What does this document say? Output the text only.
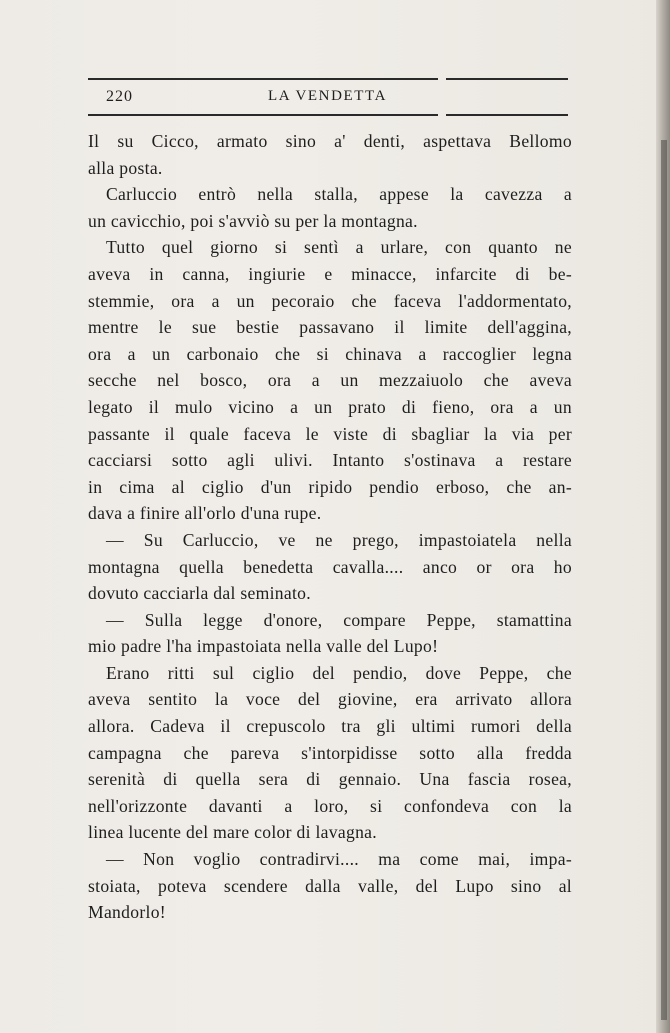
220	LA VENDETTA
Il su Cicco, armato sino a' denti, aspettava Bellomo
alla posta.
Carluccio entrò nella stalla, appese la cavezza a
un cavicchio, poi s'avviò su per la montagna.
Tutto quel giorno si sentì a urlare, con quanto ne
aveva in canna, ingiurie e minacce, infarcite di be-
stemmie, ora a un pecoraio che faceva l'addormentato,
mentre le sue bestie passavano il limite dell'aggina,
ora a un carbonaio che si chinava a raccoglier legna
secche nel bosco, ora a un mezzaiuolo che aveva
legato il mulo vicino a un prato di fieno, ora a un
passante il quale faceva le viste di sbagliar la via per
cacciarsi sotto agli ulivi. Intanto s'ostinava a restare
in cima al ciglio d'un ripido pendio erboso, che an-
dava a finire all'orlo d'una rupe.
— Su Carluccio, ve ne prego, impastoiatela nella
montagna quella benedetta cavalla.... anco or ora ho
dovuto cacciarla dal seminato.
— Sulla legge d'onore, compare Peppe, stamattina
mio padre l'ha impastoiata nella valle del Lupo!
Erano ritti sul ciglio del pendio, dove Peppe, che
aveva sentito la voce del giovine, era arrivato allora
allora. Cadeva il crepuscolo tra gli ultimi rumori della
campagna che pareva s'intorpidisse sotto alla fredda
serenità di quella sera di gennaio. Una fascia rosea,
nell'orizzonte davanti a loro, si confondeva con la
linea lucente del mare color di lavagna.
— Non voglio contradirvi.... ma come mai, impa-
stoiata, poteva scendere dalla valle, del Lupo sino al
Mandorlo!
